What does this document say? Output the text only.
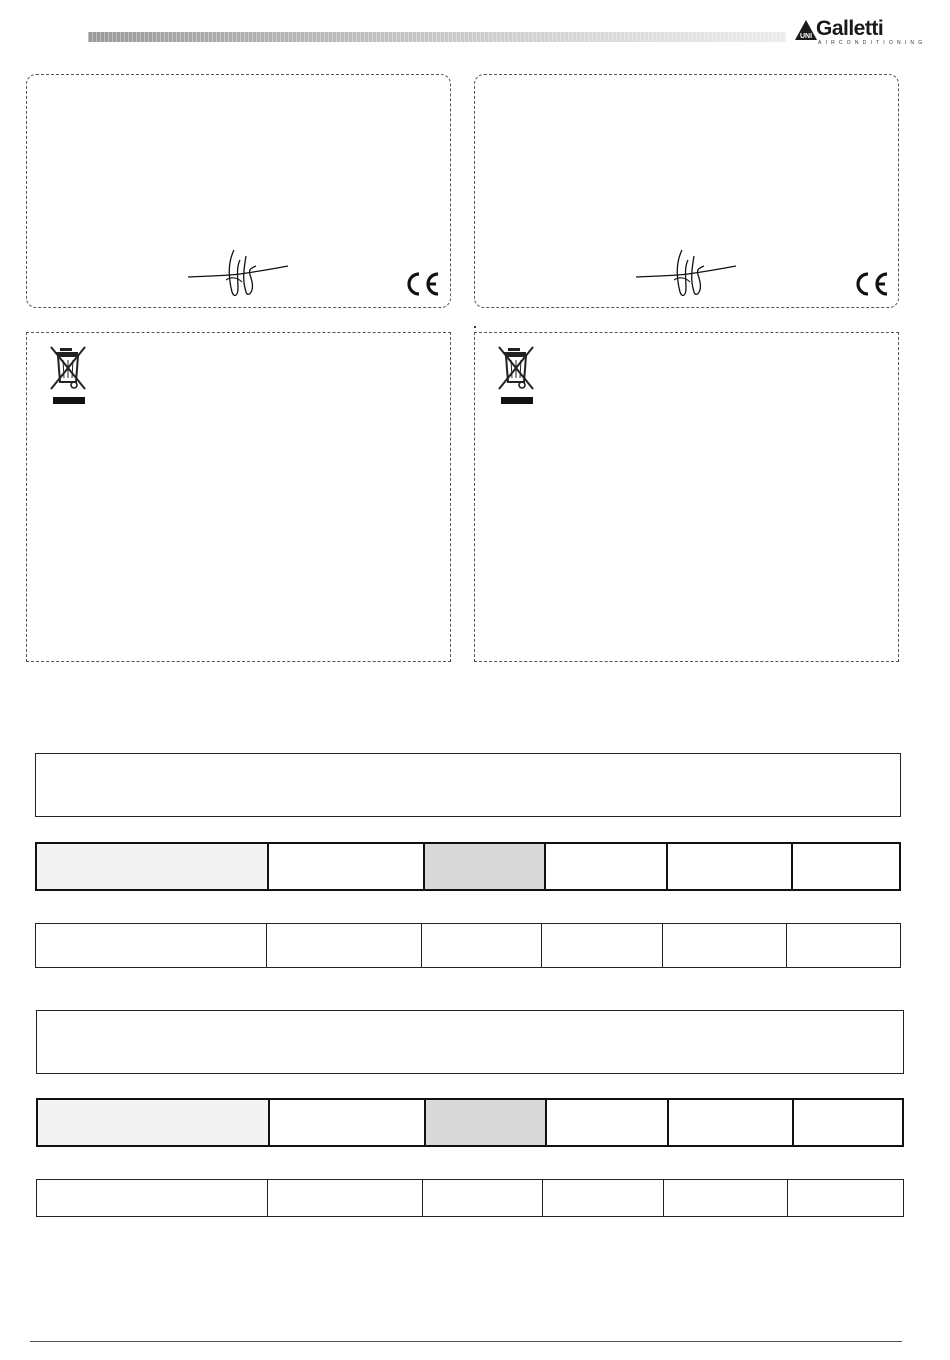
UNI Galletti
AIRCONDITIONING
